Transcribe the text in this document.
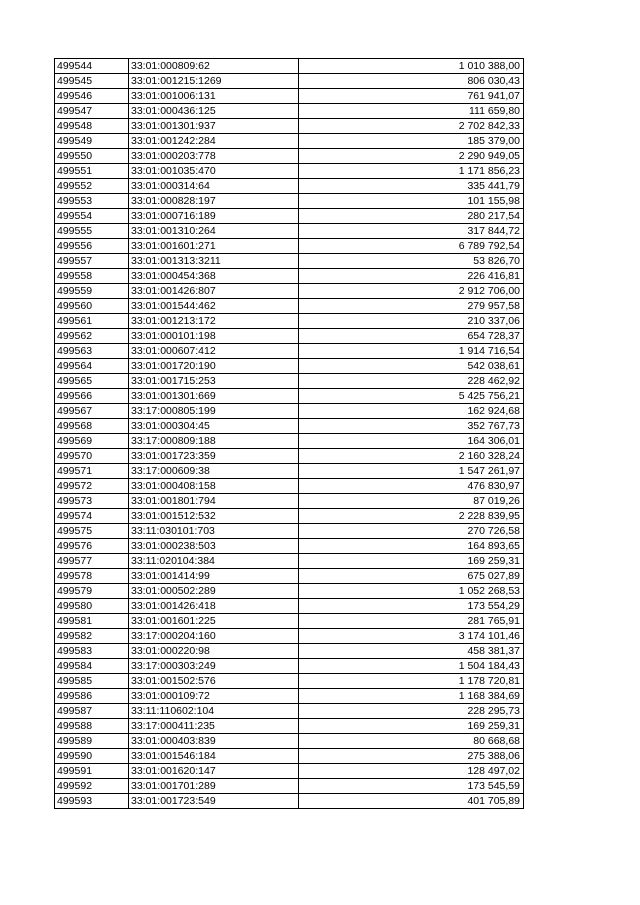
499544	33:01:000809:62	1 010 388,00
499545	33:01:001215:1269	806 030,43
499546	33:01:001006:131	761 941,07
499547	33:01:000436:125	111 659,80
499548	33:01:001301:937	2 702 842,33
499549	33:01:001242:284	185 379,00
499550	33:01:000203:778	2 290 949,05
499551	33:01:001035:470	1 171 856,23
499552	33:01:000314:64	335 441,79
499553	33:01:000828:197	101 155,98
499554	33:01:000716:189	280 217,54
499555	33:01:001310:264	317 844,72
499556	33:01:001601:271	6 789 792,54
499557	33:01:001313:3211	53 826,70
499558	33:01:000454:368	226 416,81
499559	33:01:001426:807	2 912 706,00
499560	33:01:001544:462	279 957,58
499561	33:01:001213:172	210 337,06
499562	33:01:000101:198	654 728,37
499563	33:01:000607:412	1 914 716,54
499564	33:01:001720:190	542 038,61
499565	33:01:001715:253	228 462,92
499566	33:01:001301:669	5 425 756,21
499567	33:17:000805:199	162 924,68
499568	33:01:000304:45	352 767,73
499569	33:17:000809:188	164 306,01
499570	33:01:001723:359	2 160 328,24
499571	33:17:000609:38	1 547 261,97
499572	33:01:000408:158	476 830,97
499573	33:01:001801:794	87 019,26
499574	33:01:001512:532	2 228 839,95
499575	33:11:030101:703	270 726,58
499576	33:01:000238:503	164 893,65
499577	33:11:020104:384	169 259,31
499578	33:01:001414:99	675 027,89
499579	33:01:000502:289	1 052 268,53
499580	33:01:001426:418	173 554,29
499581	33:01:001601:225	281 765,91
499582	33:17:000204:160	3 174 101,46
499583	33:01:000220:98	458 381,37
499584	33:17:000303:249	1 504 184,43
499585	33:01:001502:576	1 178 720,81
499586	33:01:000109:72	1 168 384,69
499587	33:11:110602:104	228 295,73
499588	33:17:000411:235	169 259,31
499589	33:01:000403:839	80 668,68
499590	33:01:001546:184	275 388,06
499591	33:01:001620:147	128 497,02
499592	33:01:001701:289	173 545,59
499593	33:01:001723:549	401 705,89
